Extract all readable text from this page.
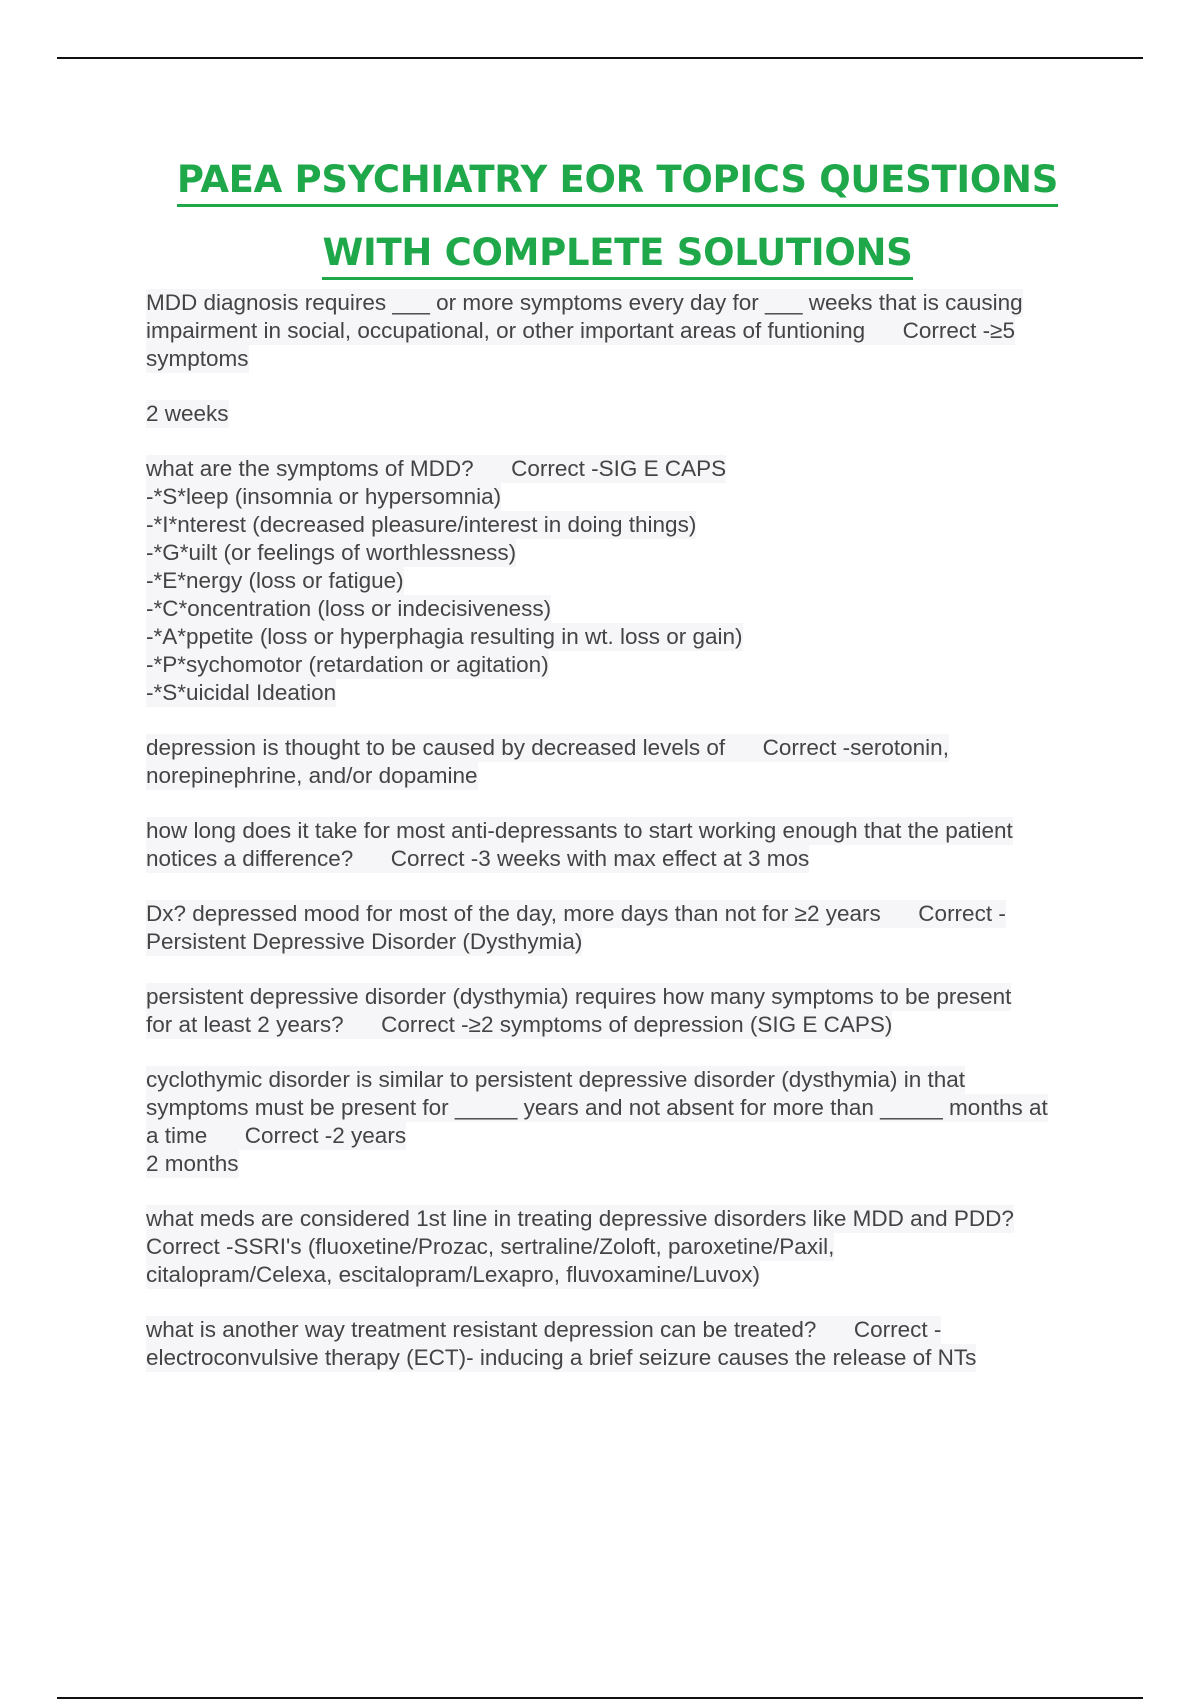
PAEA PSYCHIATRY EOR TOPICS QUESTIONS
WITH COMPLETE SOLUTIONS
MDD diagnosis requires ___ or more symptoms every day for ___ weeks that is causing
impairment in social, occupational, or other important areas of funtioning      Correct -≥5
symptoms
2 weeks
what are the symptoms of MDD?      Correct -SIG E CAPS
-*S*leep (insomnia or hypersomnia)
-*I*nterest (decreased pleasure/interest in doing things)
-*G*uilt (or feelings of worthlessness)
-*E*nergy (loss or fatigue)
-*C*oncentration (loss or indecisiveness)
-*A*ppetite (loss or hyperphagia resulting in wt. loss or gain)
-*P*sychomotor (retardation or agitation)
-*S*uicidal Ideation
depression is thought to be caused by decreased levels of      Correct -serotonin,
norepinephrine, and/or dopamine
how long does it take for most anti-depressants to start working enough that the patient
notices a difference?      Correct -3 weeks with max effect at 3 mos
Dx? depressed mood for most of the day, more days than not for ≥2 years      Correct -
Persistent Depressive Disorder (Dysthymia)
persistent depressive disorder (dysthymia) requires how many symptoms to be present
for at least 2 years?      Correct -≥2 symptoms of depression (SIG E CAPS)
cyclothymic disorder is similar to persistent depressive disorder (dysthymia) in that
symptoms must be present for _____ years and not absent for more than _____ months at
a time      Correct -2 years
2 months
what meds are considered 1st line in treating depressive disorders like MDD and PDD?
Correct -SSRI's (fluoxetine/Prozac, sertraline/Zoloft, paroxetine/Paxil,
citalopram/Celexa, escitalopram/Lexapro, fluvoxamine/Luvox)
what is another way treatment resistant depression can be treated?      Correct -
electroconvulsive therapy (ECT)- inducing a brief seizure causes the release of NTs
